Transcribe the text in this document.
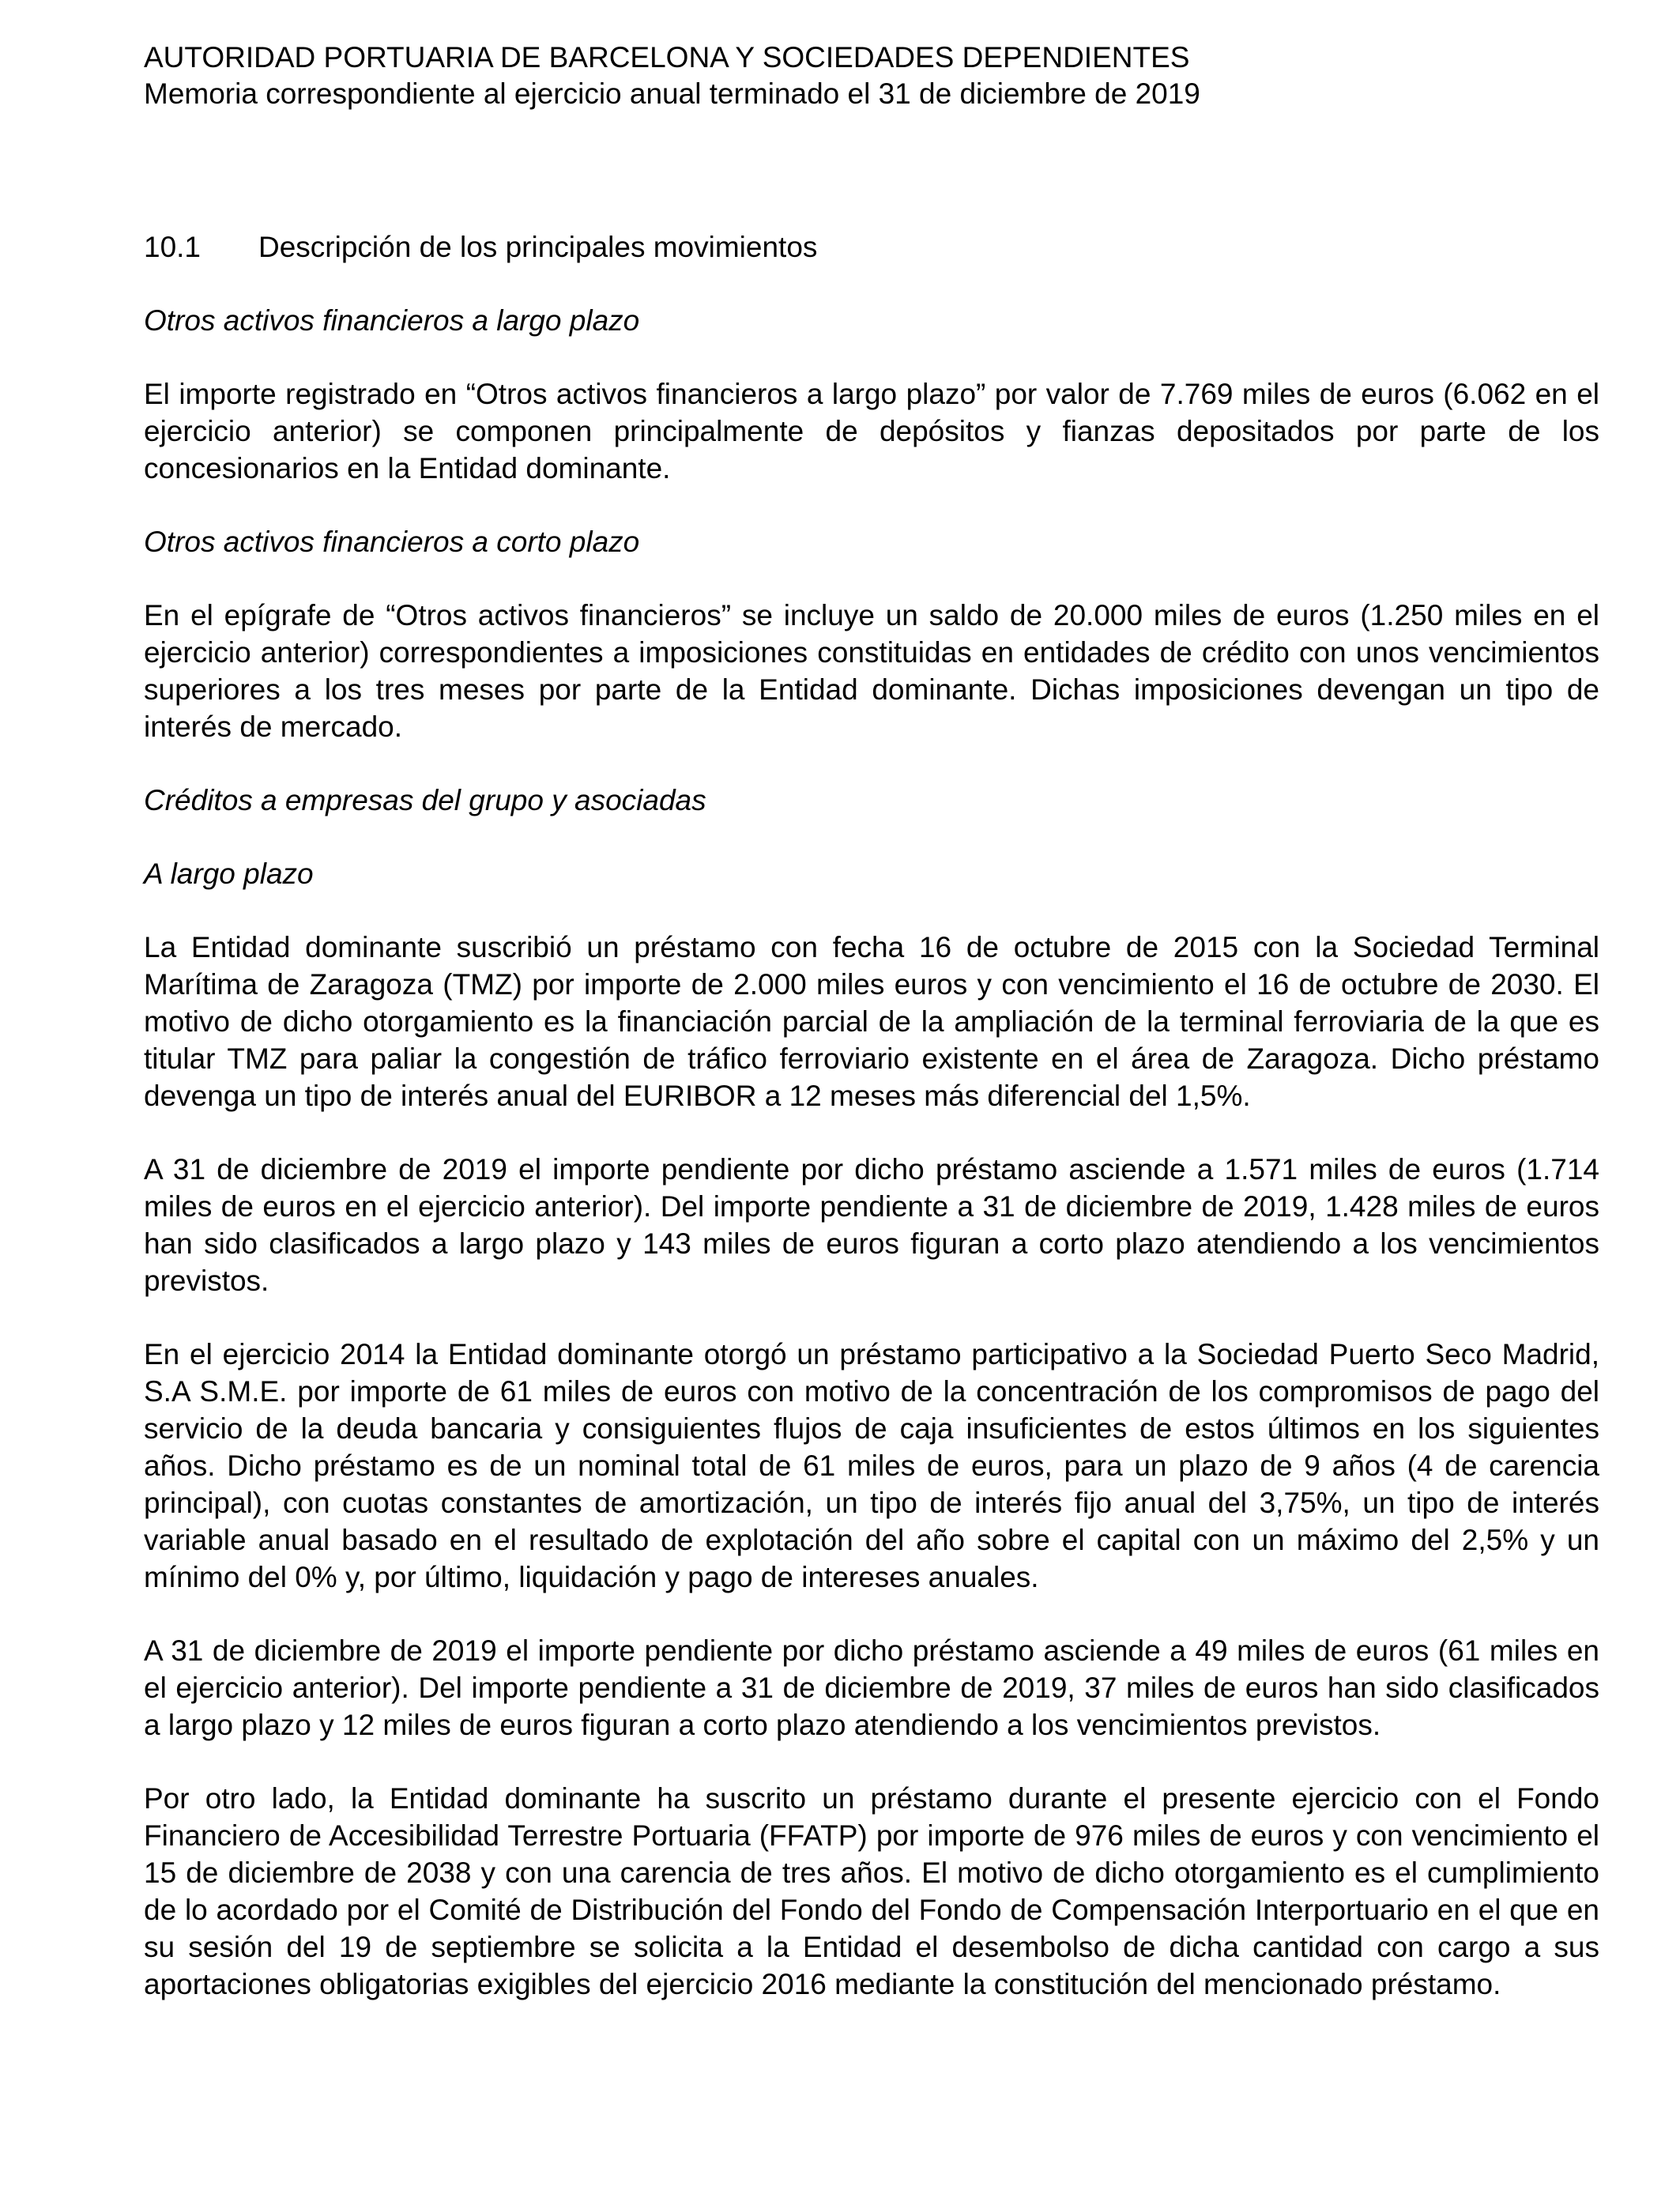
AUTORIDAD PORTUARIA DE BARCELONA Y SOCIEDADES DEPENDIENTES
Memoria correspondiente al ejercicio anual terminado el 31 de diciembre de 2019
10.1 Descripción de los principales movimientos
Otros activos financieros a largo plazo

El importe registrado en “Otros activos financieros a largo plazo” por valor de 7.769 miles de euros (6.062 en el ejercicio anterior) se componen principalmente de depósitos y fianzas depositados por parte de los concesionarios en la Entidad dominante.

Otros activos financieros a corto plazo

En el epígrafe de “Otros activos financieros” se incluye un saldo de 20.000 miles de euros (1.250 miles en el ejercicio anterior) correspondientes a imposiciones constituidas en entidades de crédito con unos vencimientos superiores a los tres meses por parte de la Entidad dominante. Dichas imposiciones devengan un tipo de interés de mercado.

Créditos a empresas del grupo y asociadas
A largo plazo

La Entidad dominante suscribió un préstamo con fecha 16 de octubre de 2015 con la Sociedad Terminal Marítima de Zaragoza (TMZ) por importe de 2.000 miles euros y con vencimiento el 16 de octubre de 2030. El motivo de dicho otorgamiento es la financiación parcial de la ampliación de la terminal ferroviaria de la que es titular TMZ para paliar la congestión de tráfico ferroviario existente en el área de Zaragoza. Dicho préstamo devenga un tipo de interés anual del EURIBOR a 12 meses más diferencial del 1,5%.

A 31 de diciembre de 2019 el importe pendiente por dicho préstamo asciende a 1.571 miles de euros (1.714 miles de euros en el ejercicio anterior). Del importe pendiente a 31 de diciembre de 2019, 1.428 miles de euros han sido clasificados a largo plazo y 143 miles de euros figuran a corto plazo atendiendo a los vencimientos previstos.

En el ejercicio 2014 la Entidad dominante otorgó un préstamo participativo a la Sociedad Puerto Seco Madrid, S.A S.M.E. por importe de 61 miles de euros con motivo de la concentración de los compromisos de pago del servicio de la deuda bancaria y consiguientes flujos de caja insuficientes de estos últimos en los siguientes años. Dicho préstamo es de un nominal total de 61 miles de euros, para un plazo de 9 años (4 de carencia principal), con cuotas constantes de amortización, un tipo de interés fijo anual del 3,75%, un tipo de interés variable anual basado en el resultado de explotación del año sobre el capital con un máximo del 2,5% y un mínimo del 0% y, por último, liquidación y pago de intereses anuales.

A 31 de diciembre de 2019 el importe pendiente por dicho préstamo asciende a 49 miles de euros (61 miles en el ejercicio anterior). Del importe pendiente a 31 de diciembre de 2019, 37 miles de euros han sido clasificados a largo plazo y 12 miles de euros figuran a corto plazo atendiendo a los vencimientos previstos.

Por otro lado, la Entidad dominante ha suscrito un préstamo durante el presente ejercicio con el Fondo Financiero de Accesibilidad Terrestre Portuaria (FFATP) por importe de 976 miles de euros y con vencimiento el 15 de diciembre de 2038 y con una carencia de tres años. El motivo de dicho otorgamiento es el cumplimiento de lo acordado por el Comité de Distribución del Fondo del Fondo de Compensación Interportuario en el que en su sesión del 19 de septiembre se solicita a la Entidad el desembolso de dicha cantidad con cargo a sus aportaciones obligatorias exigibles del ejercicio 2016 mediante la constitución del mencionado préstamo.
